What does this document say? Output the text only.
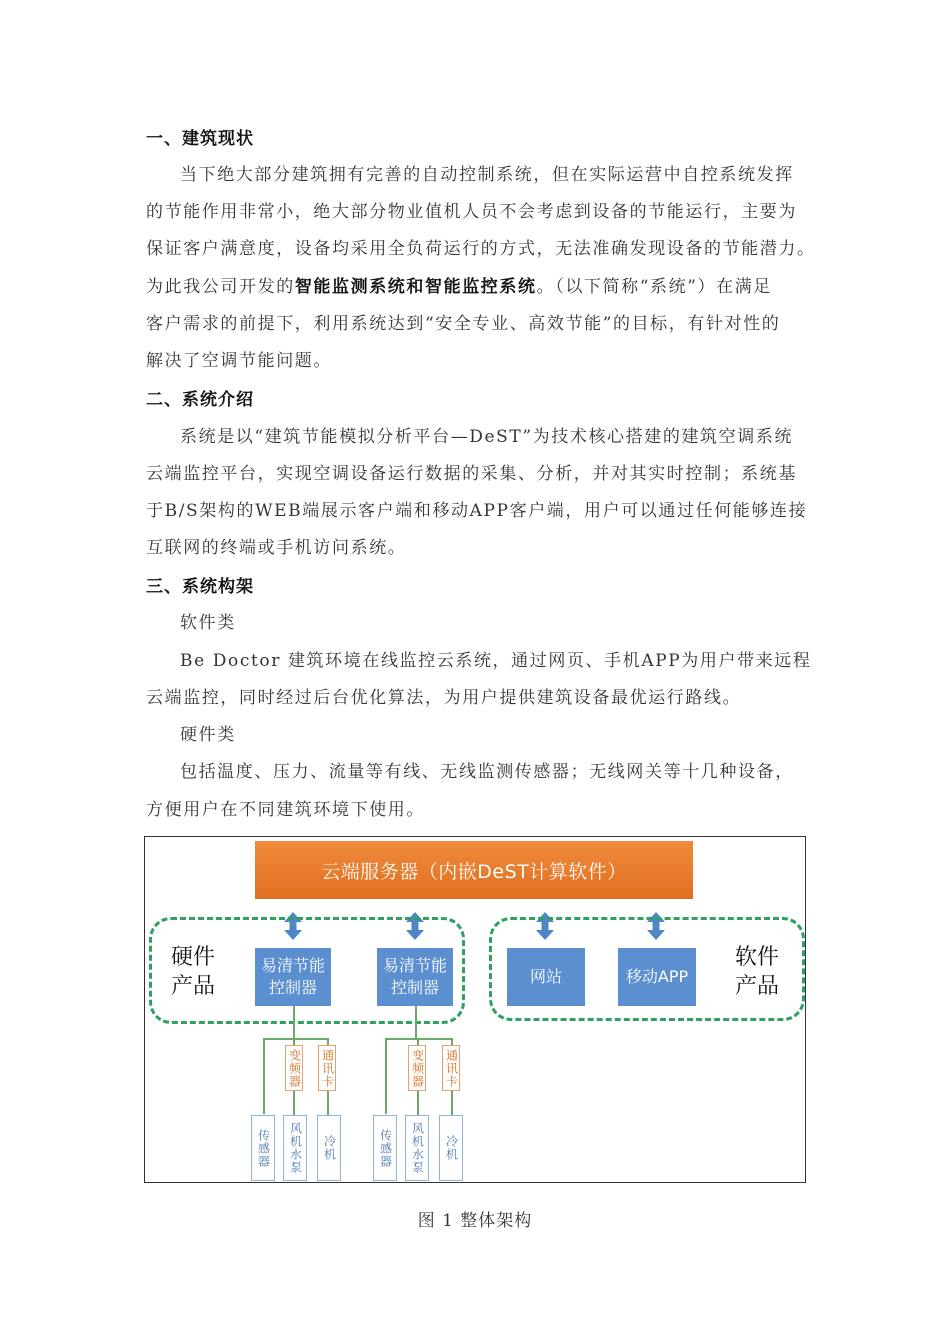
一、建筑现状
当下绝大部分建筑拥有完善的自动控制系统，但在实际运营中自控系统发挥
的节能作用非常小，绝大部分物业值机人员不会考虑到设备的节能运行，主要为
保证客户满意度，设备均采用全负荷运行的方式，无法准确发现设备的节能潜力。
为此我公司开发的智能监测系统和智能监控系统。（以下简称“系统”）在满足
客户需求的前提下，利用系统达到“安全专业、高效节能”的目标，有针对性的
解决了空调节能问题。
二、系统介绍
系统是以“建筑节能模拟分析平台—DeST”为技术核心搭建的建筑空调系统
云端监控平台，实现空调设备运行数据的采集、分析，并对其实时控制；系统基
于B/S架构的WEB端展示客户端和移动APP客户端，用户可以通过任何能够连接
互联网的终端或手机访问系统。
三、系统构架
软件类
Be Doctor 建筑环境在线监控云系统，通过网页、手机APP为用户带来远程
云端监控，同时经过后台优化算法，为用户提供建筑设备最优运行路线。
硬件类
包括温度、压力、流量等有线、无线监测传感器；无线网关等十几种设备，
方便用户在不同建筑环境下使用。
云端服务器（内嵌DeST计算软件）
硬件
产品
软件
产品
易清节能
控制器
易清节能
控制器
网站	移动APP
变频器 通讯卡
传感器 风机水泵 冷机
变频器 通讯卡
传感器 风机水泵 冷机
图 1 整体架构
